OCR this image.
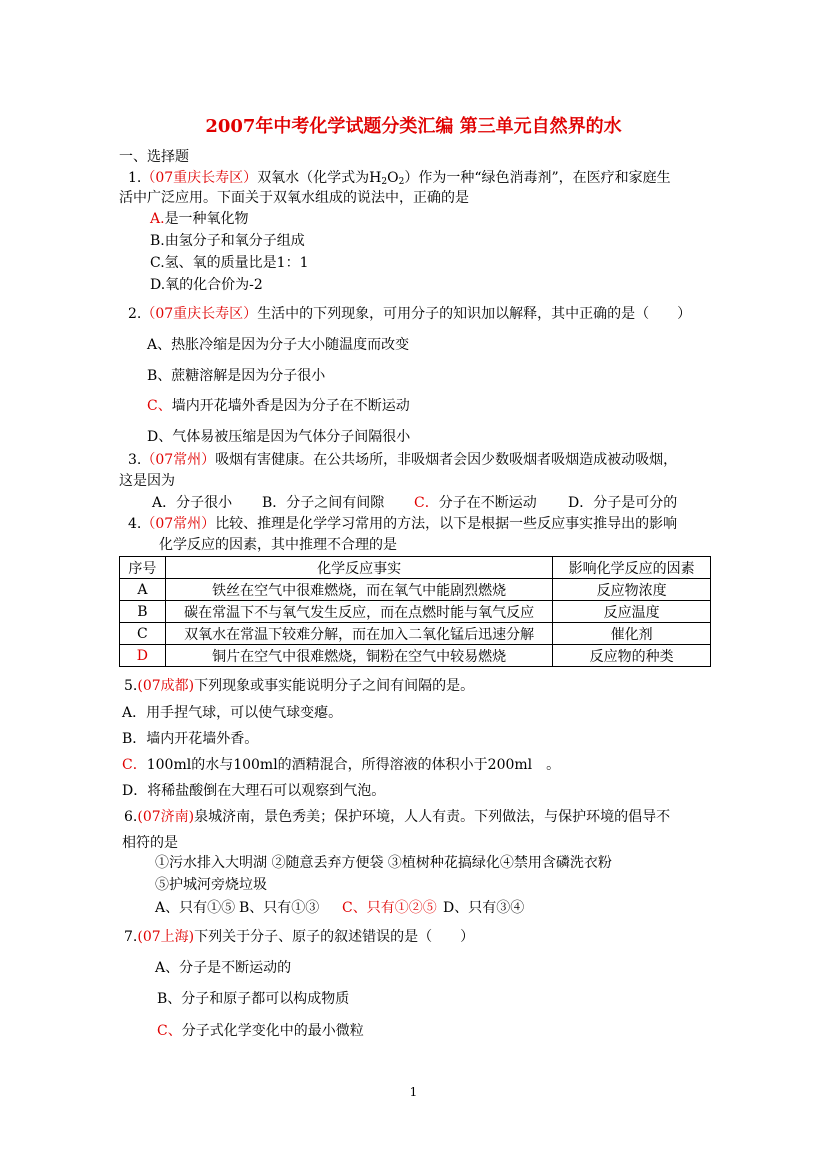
2007年中考化学试题分类汇编 第三单元自然界的水
一、选择题
1.（07重庆长寿区）双氧水（化学式为$H_2O_2$）作为一种“绿色消毒剂”，在医疗和家庭生
活中广泛应用。下面关于双氧水组成的说法中，正确的是
A.是一种氧化物
B.由氢分子和氧分子组成
C.氢、氧的质量比是1：1
D.氧的化合价为-2
2.（07重庆长寿区）生活中的下列现象，可用分子的知识加以解释，其中正确的是（　　）
A、热胀冷缩是因为分子大小随温度而改变
B、蔗糖溶解是因为分子很小
C、墙内开花墙外香是因为分子在不断运动
D、气体易被压缩是因为气体分子间隔很小
3.（07常州）吸烟有害健康。在公共场所，非吸烟者会因少数吸烟者吸烟造成被动吸烟，
这是因为
A．分子很小 B．分子之间有间隙 C．分子在不断运动 D．分子是可分的
4.（07常州）比较、推理是化学学习常用的方法，以下是根据一些反应事实推导出的影响
化学反应的因素，其中推理不合理的是
序号	化学反应事实	影响化学反应的因素
A	铁丝在空气中很难燃烧，而在氧气中能剧烈燃烧	反应物浓度
B	碳在常温下不与氧气发生反应，而在点燃时能与氧气反应	反应温度
C	双氧水在常温下较难分解，而在加入二氧化锰后迅速分解	催化剂
D	铜片在空气中很难燃烧，铜粉在空气中较易燃烧	反应物的种类
5.(07成都)下列现象或事实能说明分子之间有间隔的是。
A．用手捏气球，可以使气球变瘪。
B．墙内开花墙外香。
C．100ml的水与100ml的酒精混合，所得溶液的体积小于200ml　。
D．将稀盐酸倒在大理石可以观察到气泡。
6.(07济南)泉城济南，景色秀美；保护环境，人人有责。下列做法，与保护环境的倡导不
相符的是
①污水排入大明湖 ②随意丢弃方便袋 ③植树种花搞绿化④禁用含磷洗衣粉
⑤护城河旁烧垃圾
A、只有①⑤ B、只有①③ C、只有①②⑤ D、只有③④
7.(07上海)下列关于分子、原子的叙述错误的是（　　）
A、分子是不断运动的
B、分子和原子都可以构成物质
C、分子式化学变化中的最小微粒
1
